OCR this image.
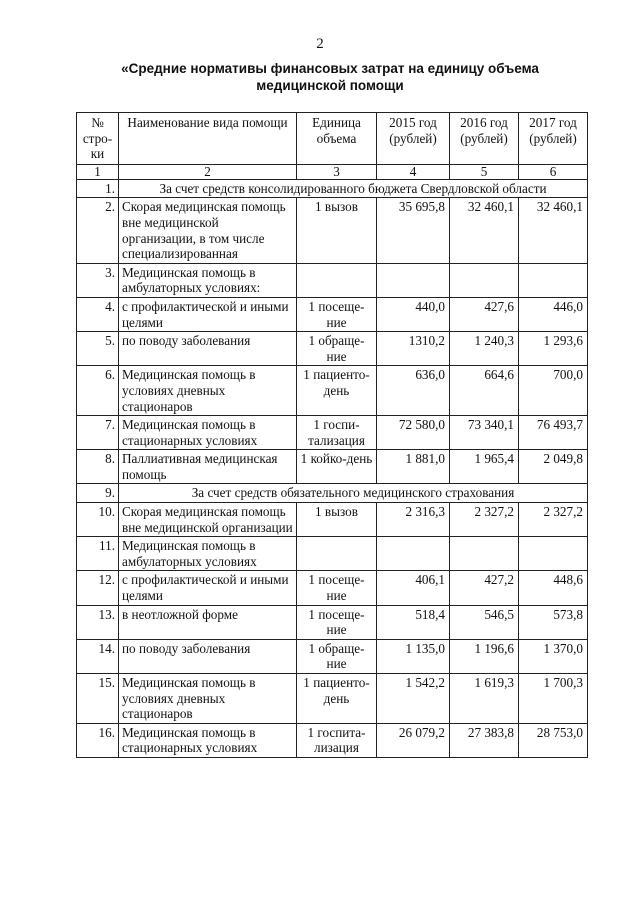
2
«Средние нормативы финансовых затрат на единицу объема медицинской помощи
№ стро-ки	Наименование вида помощи	Единица объема	2015 год (рублей)	2016 год (рублей)	2017 год (рублей)
1	2	3	4	5	6
1.	За счет средств консолидированного бюджета Свердловской области				
2.	Скорая медицинская помощь вне медицинской организации, в том числе специализированная	1 вызов	35 695,8	32 460,1	32 460,1
3.	Медицинская помощь в амбулаторных условиях:				
4.	с профилактической и иными целями	1 посеще-ние	440,0	427,6	446,0
5.	по поводу заболевания	1 обраще-ние	1310,2	1 240,3	1 293,6
6.	Медицинская помощь в условиях дневных стационаров	1 пациенто-день	636,0	664,6	700,0
7.	Медицинская помощь в стационарных условиях	1 госпи-тализация	72 580,0	73 340,1	76 493,7
8.	Паллиативная медицинская помощь	1 койко-день	1 881,0	1 965,4	2 049,8
9.	За счет средств обязательного медицинского страхования				
10.	Скорая медицинская помощь вне медицинской организации	1 вызов	2 316,3	2 327,2	2 327,2
11.	Медицинская помощь в амбулаторных условиях				
12.	с профилактической и иными целями	1 посеще-ние	406,1	427,2	448,6
13.	в неотложной форме	1 посеще-ние	518,4	546,5	573,8
14.	по поводу заболевания	1 обраще-ние	1 135,0	1 196,6	1 370,0
15.	Медицинская помощь в условиях дневных стационаров	1 пациенто-день	1 542,2	1 619,3	1 700,3
16.	Медицинская помощь в стационарных условиях	1 госпита-лизация	26 079,2	27 383,8	28 753,0
